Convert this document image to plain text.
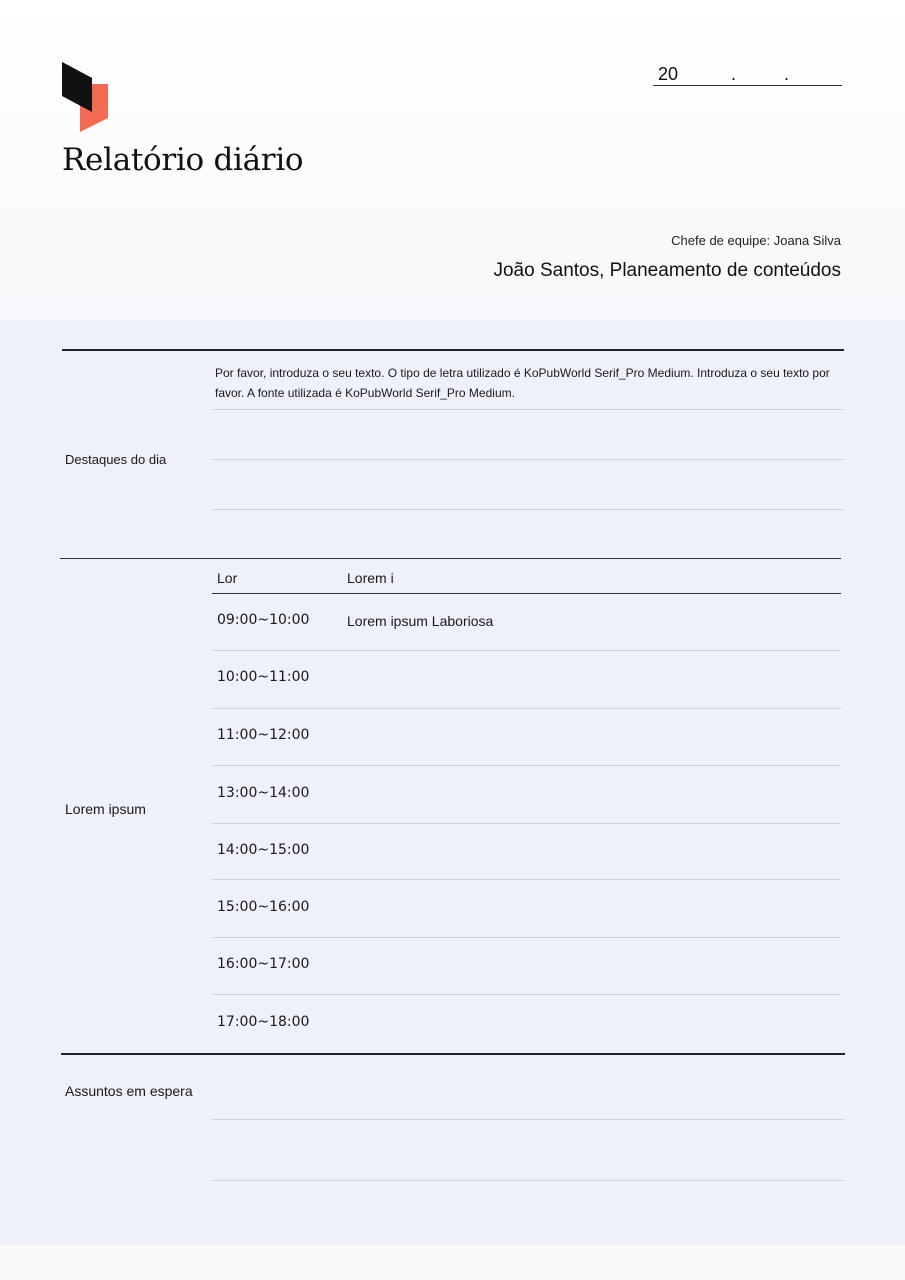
Relatório diário
20	.	.
Chefe de equipe: Joana Silva
João Santos, Planeamento de conteúdos
Destaques do dia
Por favor, introduza o seu texto. O tipo de letra utilizado é KoPubWorld Serif_Pro Medium. Introduza o seu texto por favor. A fonte utilizada é KoPubWorld Serif_Pro Medium.
Lor	Lorem i
Lorem ipsum
09:00~10:00	Lorem ipsum Laboriosa
10:00~11:00
11:00~12:00
13:00~14:00
14:00~15:00
15:00~16:00
16:00~17:00
17:00~18:00
Assuntos em espera
